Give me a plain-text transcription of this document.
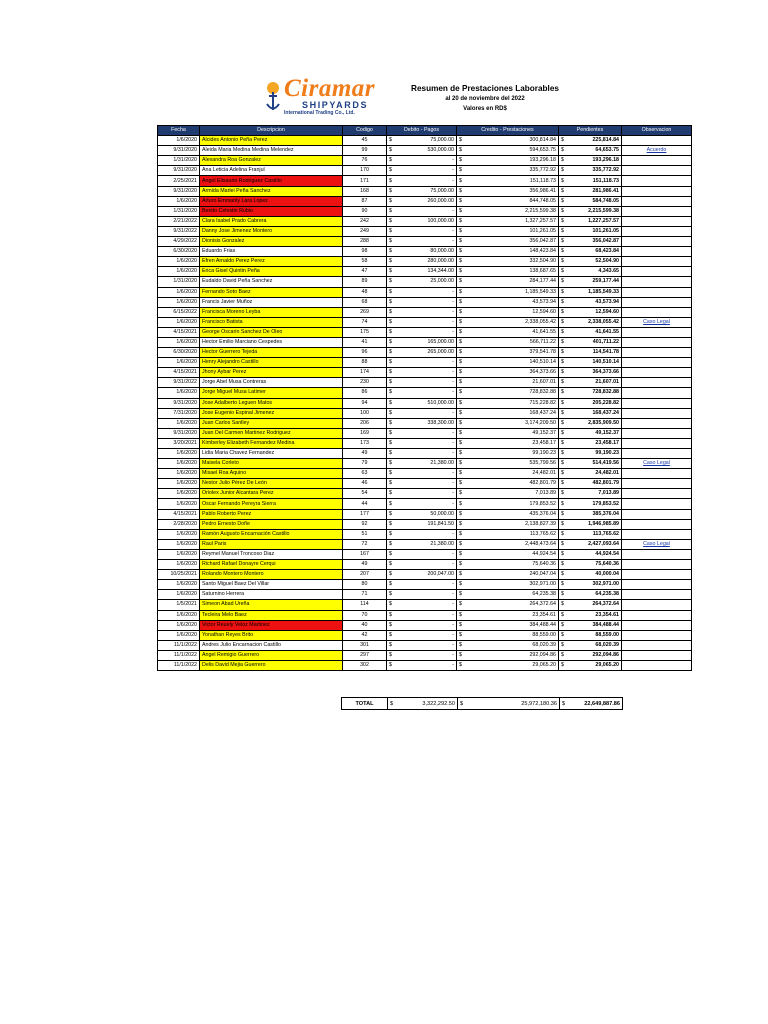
Ciramar
SHIPYARDS
International Trading Co., Ltd.
Resumen de Prestaciones Laborables
al 20 de noviembre del 2022
Valores en RD$
Fecha	Descripcion	Codigo	Debito - Pagos		Credito - Prestaciones		Pendientes		Observacion
1/6/2020	Alcides Antonio Peña Perez	45	$	75,000.00	$	300,814.84	$	225,814.84	
9/31/2020	Aleida Maria Medina Medina Melendez	99	$	530,000.00	$	594,653.75	$	64,653.75	Acuerdo
1/31/2020	Alexandra Roa Gonzalez	76	$	-	$	193,296.18	$	193,296.18	
9/31/2020	Ana Leticia Adelina Franjul	170	$	-	$	335,772.92	$	335,772.92	
2/25/2021	Angel Elisaurio Rodriguez Castillo	171	$	-	$	151,118.73	$	151,118.73	
9/31/2020	Armida Marlei Peña Sanchez	168	$	75,000.00	$	356,986.41	$	281,986.41	
1/6/2020	Arturo Emmanly Lara Lopez	87	$	260,000.00	$	844,748.05	$	584,748.05	
1/31/2020	Benito Celestin Rubio	90	$	-	$	2,215,599.38	$	2,215,599.38	
2/21/2022	Clara Isabel Prado Cabrera	242	$	100,000.00	$	1,327,257.57	$	1,227,257.57	
9/31/2022	Danny Jose Jimenez Montero	249	$	-	$	101,261.05	$	101,261.05	
4/29/2022	Dionisis Gonzalez	288	$	-	$	356,042.87	$	356,042.87	
6/30/2020	Eduardo Frias	98	$	80,000.00	$	148,423.84	$	68,423.84	
1/6/2020	Efren Arnaldo Perez Perez	58	$	280,000.00	$	332,504.90	$	52,504.90	
1/6/2020	Erica Gisel Quintin Peña	47	$	134,344.00	$	138,687.65	$	4,343.65	
1/31/2020	Eudaldo David Peña Sanchez	89	$	25,000.00	$	284,177.44	$	259,177.44	
1/6/2020	Fernando Soto Baez	48	$	-	$	1,185,549.33	$	1,185,549.33	
1/6/2020	Francis Javier Muñoz	68	$	-	$	43,573.94	$	43,573.94	
6/15/2022	Francisca Moreno Leyba	269	$	-	$	12,594.60	$	12,594.60	
1/6/2020	Francisco Batista	74	$	-	$	2,338,055.42	$	2,338,055.42	Caso Legal
4/15/2021	George Oscarin Sanchez De Oleo	175	$	-	$	41,641.55	$	41,641.55	
1/6/2020	Hector Emilio Marciano Cespedes	41	$	165,000.00	$	566,711.22	$	401,711.22	
6/30/2020	Hector Guerrero Tejeda	96	$	265,000.00	$	379,541.78	$	114,541.78	
1/6/2020	Henry Alejandro Castillo	88	$	-	$	140,510.14	$	140,510.14	
4/15/2021	Jhony Aybar Perez	174	$	-	$	364,373.66	$	364,373.66	
9/31/2022	Jorge Abel Musa Contreras	230	$	-	$	21,607.01	$	21,607.01	
1/6/2020	Jorge Miguel Musa Latimer	86	$	-	$	728,832.88	$	728,832.88	
9/31/2020	Jose Adalberto Leguen Matos	94	$	510,000.00	$	715,228.82	$	205,228.82	
7/31/2020	Jose Eugenio Espinal Jimenez	100	$	-	$	168,437.24	$	168,437.24	
1/6/2020	Juan Carlos Sanlley	206	$	338,300.00	$	3,174,209.50	$	2,835,909.50	
9/31/2020	Juan Del Carmen Martinez Rodriguez	169	$	-	$	49,152.37	$	49,152.37	
3/20/2021	Kimberley Elizabeth Fernandez Medina	173	$	-	$	23,458.17	$	23,458.17	
1/6/2020	Lidia Maria Chavez Fernandez	49	$	-	$	99,190.23	$	99,190.23	
1/6/2020	Maisela Corleto	79	$	21,380.00	$	535,799.56	$	514,419.56	Caso Legal
1/6/2020	Misael Roa Aquino	63	$	-	$	24,482.01	$	24,482.01	
1/6/2020	Nestor Julio Pérez De León	46	$	-	$	482,801.79	$	482,801.79	
1/6/2020	Oriolex Junior Alcantara Perez	54	$	-	$	7,013.89	$	7,013.89	
1/6/2020	Oscar Fernando Pereyra Sierra	44	$	-	$	179,853.52	$	179,853.52	
4/15/2021	Pablo Roberto Perez	177	$	50,000.00	$	435,376.04	$	385,376.04	
2/28/2020	Pedro Ernesto Doñe	92	$	191,841.50	$	2,138,827.39	$	1,946,985.89	
1/6/2020	Ramón Augusto Encarnación Castillo	51	$	-	$	113,765.62	$	113,765.62	
1/6/2020	Raul Paris	72	$	21,380.00	$	2,448,473.64	$	2,427,093.64	Caso Legal
1/6/2020	Reymel Manuel Troncoso Diaz	167	$	-	$	44,924.54	$	44,924.54	
1/6/2020	Richard Rafael Donayre Cerqui	49	$	-	$	75,640.36	$	75,640.36	
10/25/2021	Rolando Montero Montero	207	$	200,047.00	$	240,047.04	$	40,000.04	
1/6/2020	Santo Miguel Baez Del Villar	80	$	-	$	302,971.00	$	302,971.00	
1/6/2020	Saturnino Herrera	71	$	-	$	64,235.38	$	64,235.38	
1/5/2021	Simeon Abad Ureña	114	$	-	$	264,372.64	$	264,372.64	
1/6/2020	Tecleira Melo Baez	70	$	-	$	23,354.61	$	23,354.61	
1/6/2020	Victor Reuely Veloz Martinez	40	$	-	$	384,488.44	$	384,488.44	
1/6/2020	Yonathan Reyes Brito	42	$	-	$	88,559.00	$	88,559.00	
11/1/2022	Andres Julio Encarnacion Castillo	301	$	-	$	68,020.39	$	68,020.39	
11/1/2022	Angel Remigio Guerrero	297	$	-	$	292,094.86	$	292,094.86	
11/1/2022	Delis David Mejia Guerrero	302	$	-	$	29,065.20	$	29,065.20	
TOTAL	$	3,322,292.50	$	25,972,180.36	$	22,649,887.86
